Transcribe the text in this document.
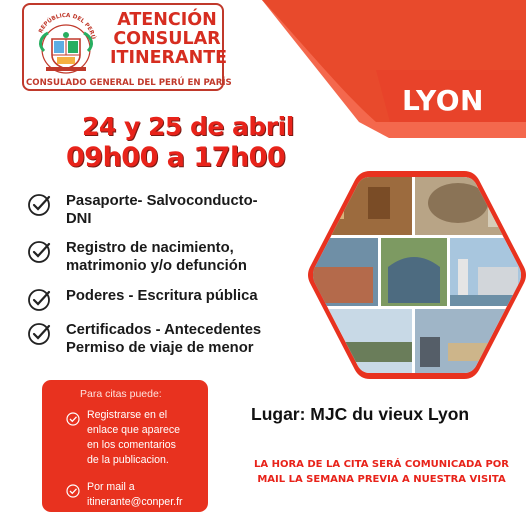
REPÚBLICA DEL PERÚ
ATENCIÓN
CONSULAR
ITINERANTE
CONSULADO GENERAL DEL PERÚ EN PARÍS
LYON
24 y 25 de abril
09h00 a 17h00
Pasaporte- Salvoconducto-
DNI
Registro de nacimiento,
matrimonio y/o defunción
Poderes - Escritura pública
Certificados - Antecedentes
Permiso de viaje de menor
Lugar: MJC du vieux Lyon
LA HORA DE LA CITA SERÁ COMUNICADA POR
MAIL LA SEMANA PREVIA A NUESTRA VISITA
Para citas puede:
Registrarse en el
enlace que aparece
en los comentarios
de la publicacion.
Por mail a
itinerante@conper.fr
